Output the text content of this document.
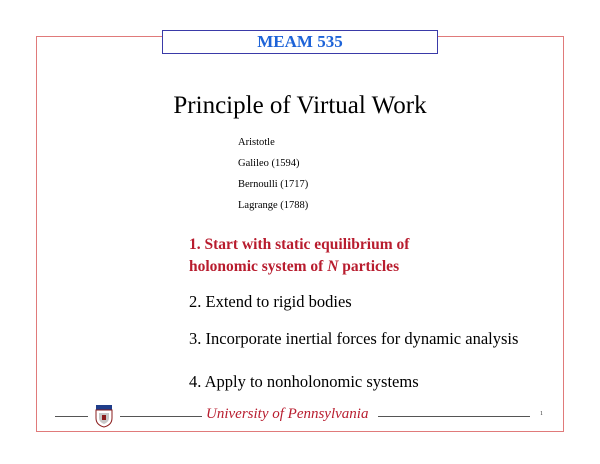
MEAM 535
Principle of Virtual Work
Aristotle
Galileo (1594)
Bernoulli (1717)
Lagrange (1788)
1. Start with static equilibrium of
holonomic system of N particles
2. Extend to rigid bodies
3. Incorporate inertial forces for dynamic analysis
4. Apply to nonholonomic systems
University of Pennsylvania	1
